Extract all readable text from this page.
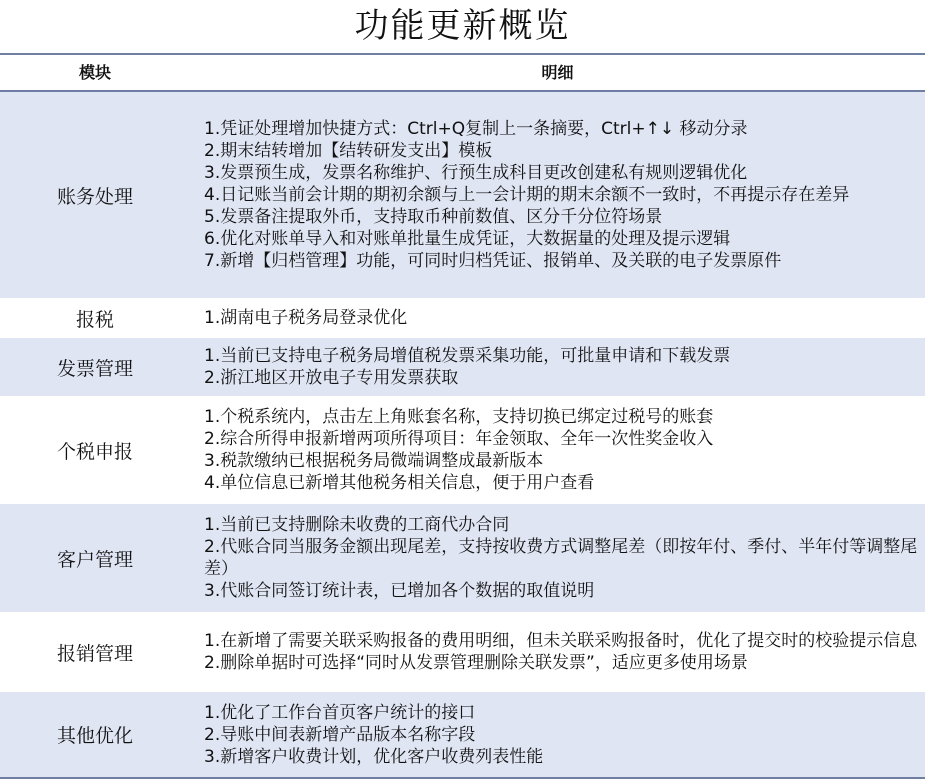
功能更新概览
模块	明细
账务处理
1.凭证处理增加快捷方式：Ctrl+Q复制上一条摘要，Ctrl+↑↓ 移动分录
2.期末结转增加【结转研发支出】模板
3.发票预生成，发票名称维护、行预生成科目更改创建私有规则逻辑优化
4.日记账当前会计期的期初余额与上一会计期的期末余额不一致时，不再提示存在差异
5.发票备注提取外币，支持取币种前数值、区分千分位符场景
6.优化对账单导入和对账单批量生成凭证，大数据量的处理及提示逻辑
7.新增【归档管理】功能，可同时归档凭证、报销单、及关联的电子发票原件
报税	1.湖南电子税务局登录优化
发票管理
1.当前已支持电子税务局增值税发票采集功能，可批量申请和下载发票
2.浙江地区开放电子专用发票获取
个税申报
1.个税系统内，点击左上角账套名称，支持切换已绑定过税号的账套
2.综合所得申报新增两项所得项目：年金领取、全年一次性奖金收入
3.税款缴纳已根据税务局微端调整成最新版本
4.单位信息已新增其他税务相关信息，便于用户查看
客户管理
1.当前已支持删除未收费的工商代办合同
2.代账合同当服务金额出现尾差，支持按收费方式调整尾差（即按年付、季付、半年付等调整尾差）
3.代账合同签订统计表，已增加各个数据的取值说明
报销管理
1.在新增了需要关联采购报备的费用明细，但未关联采购报备时，优化了提交时的校验提示信息
2.删除单据时可选择“同时从发票管理删除关联发票”，适应更多使用场景
其他优化
1.优化了工作台首页客户统计的接口
2.导账中间表新增产品版本名称字段
3.新增客户收费计划，优化客户收费列表性能
